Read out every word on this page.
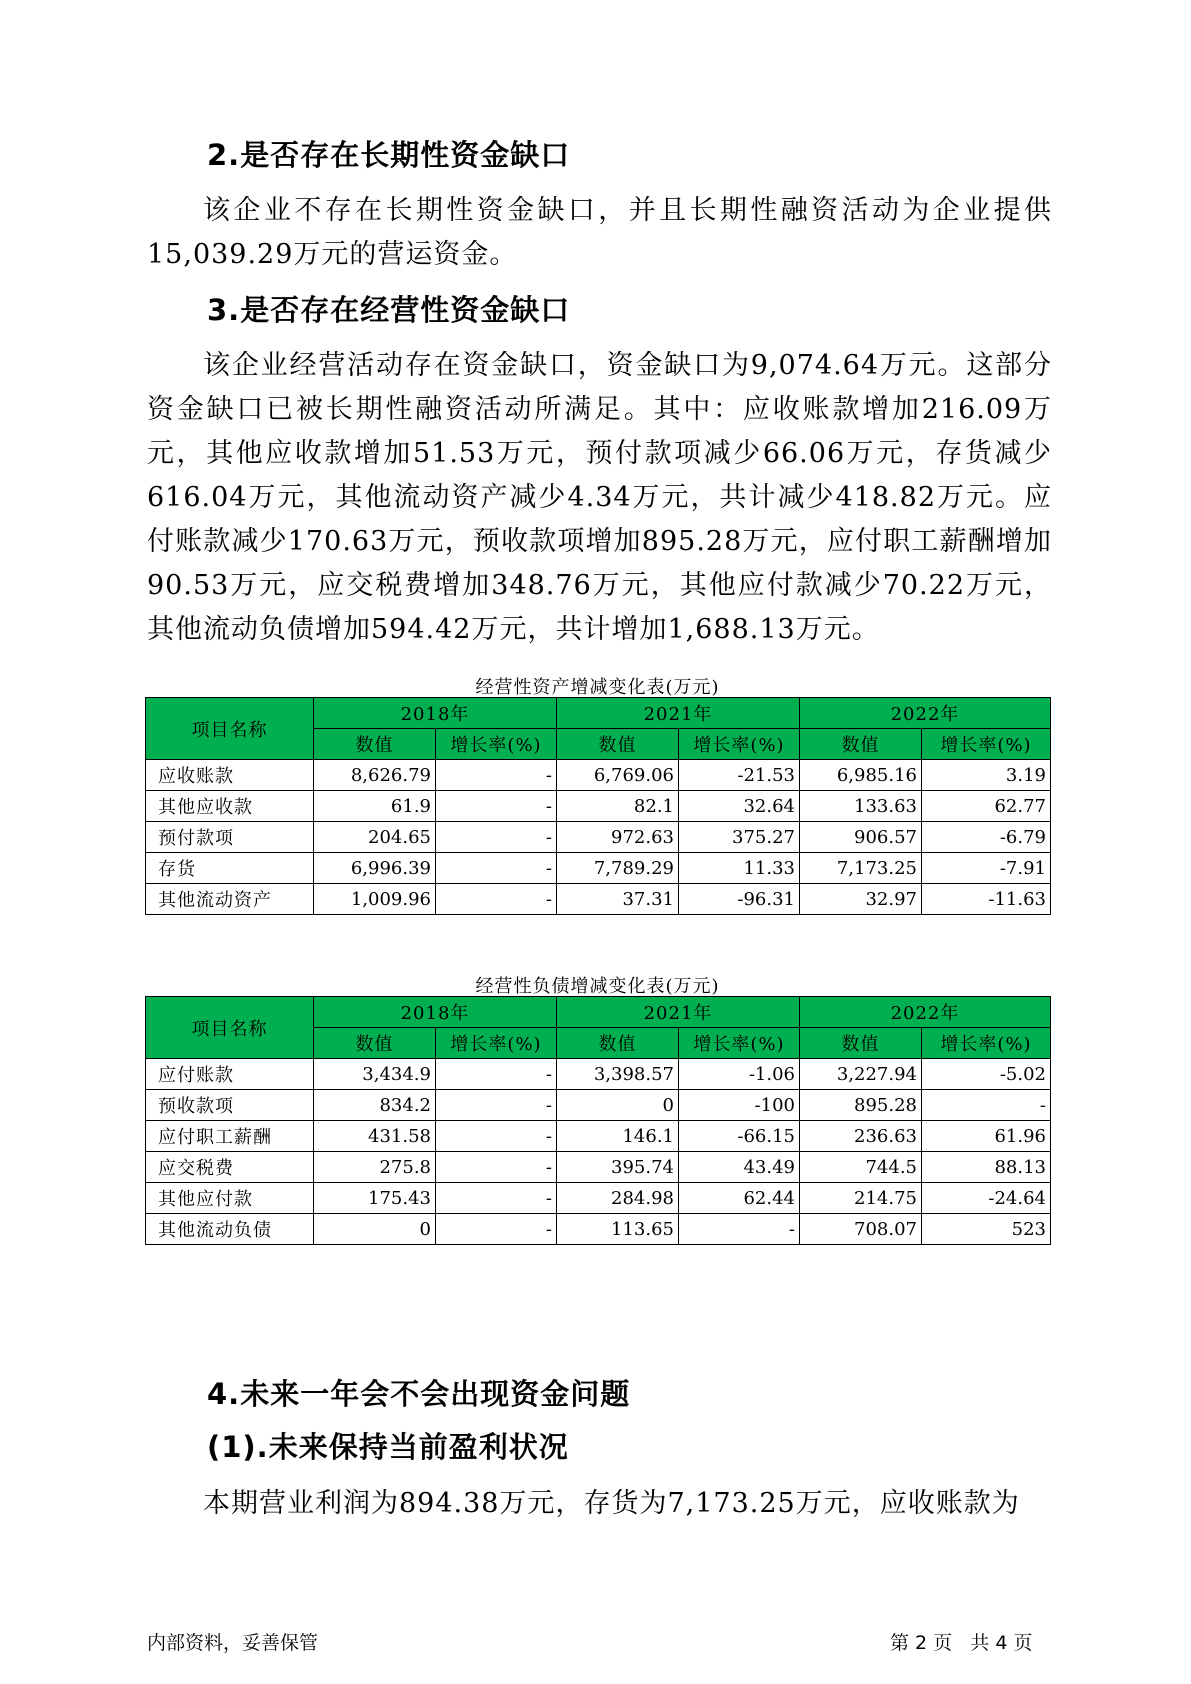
2.是否存在长期性资金缺口

该企业不存在长期性资金缺口，并且长期性融资活动为企业提供15,039.29万元的营运资金。

3.是否存在经营性资金缺口

该企业经营活动存在资金缺口，资金缺口为9,074.64万元。这部分资金缺口已被长期性融资活动所满足。其中：应收账款增加216.09万元，其他应收款增加51.53万元，预付款项减少66.06万元，存货减少616.04万元，其他流动资产减少4.34万元，共计减少418.82万元。应付账款减少170.63万元，预收款项增加895.28万元，应付职工薪酬增加90.53万元，应交税费增加348.76万元，其他应付款减少70.22万元，其他流动负债增加594.42万元，共计增加1,688.13万元。

经营性资产增减变化表(万元)
项目名称	2018年		2021年		2022年	
	数值	增长率(%)	数值	增长率(%)	数值	增长率(%)
应收账款	8,626.79	-	6,769.06	-21.53	6,985.16	3.19
其他应收款	61.9	-	82.1	32.64	133.63	62.77
预付款项	204.65	-	972.63	375.27	906.57	-6.79
存货	6,996.39	-	7,789.29	11.33	7,173.25	-7.91
其他流动资产	1,009.96	-	37.31	-96.31	32.97	-11.63
经营性负债增减变化表(万元)
项目名称	2018年		2021年		2022年	
	数值	增长率(%)	数值	增长率(%)	数值	增长率(%)
应付账款	3,434.9	-	3,398.57	-1.06	3,227.94	-5.02
预收款项	834.2	-	0	-100	895.28	-
应付职工薪酬	431.58	-	146.1	-66.15	236.63	61.96
应交税费	275.8	-	395.74	43.49	744.5	88.13
其他应付款	175.43	-	284.98	62.44	214.75	-24.64
其他流动负债	0	-	113.65	-	708.07	523
4.未来一年会不会出现资金问题
(1).未来保持当前盈利状况

本期营业利润为894.38万元，存货为7,173.25万元，应收账款为

内部资料，妥善保管	第 2 页   共 4 页
